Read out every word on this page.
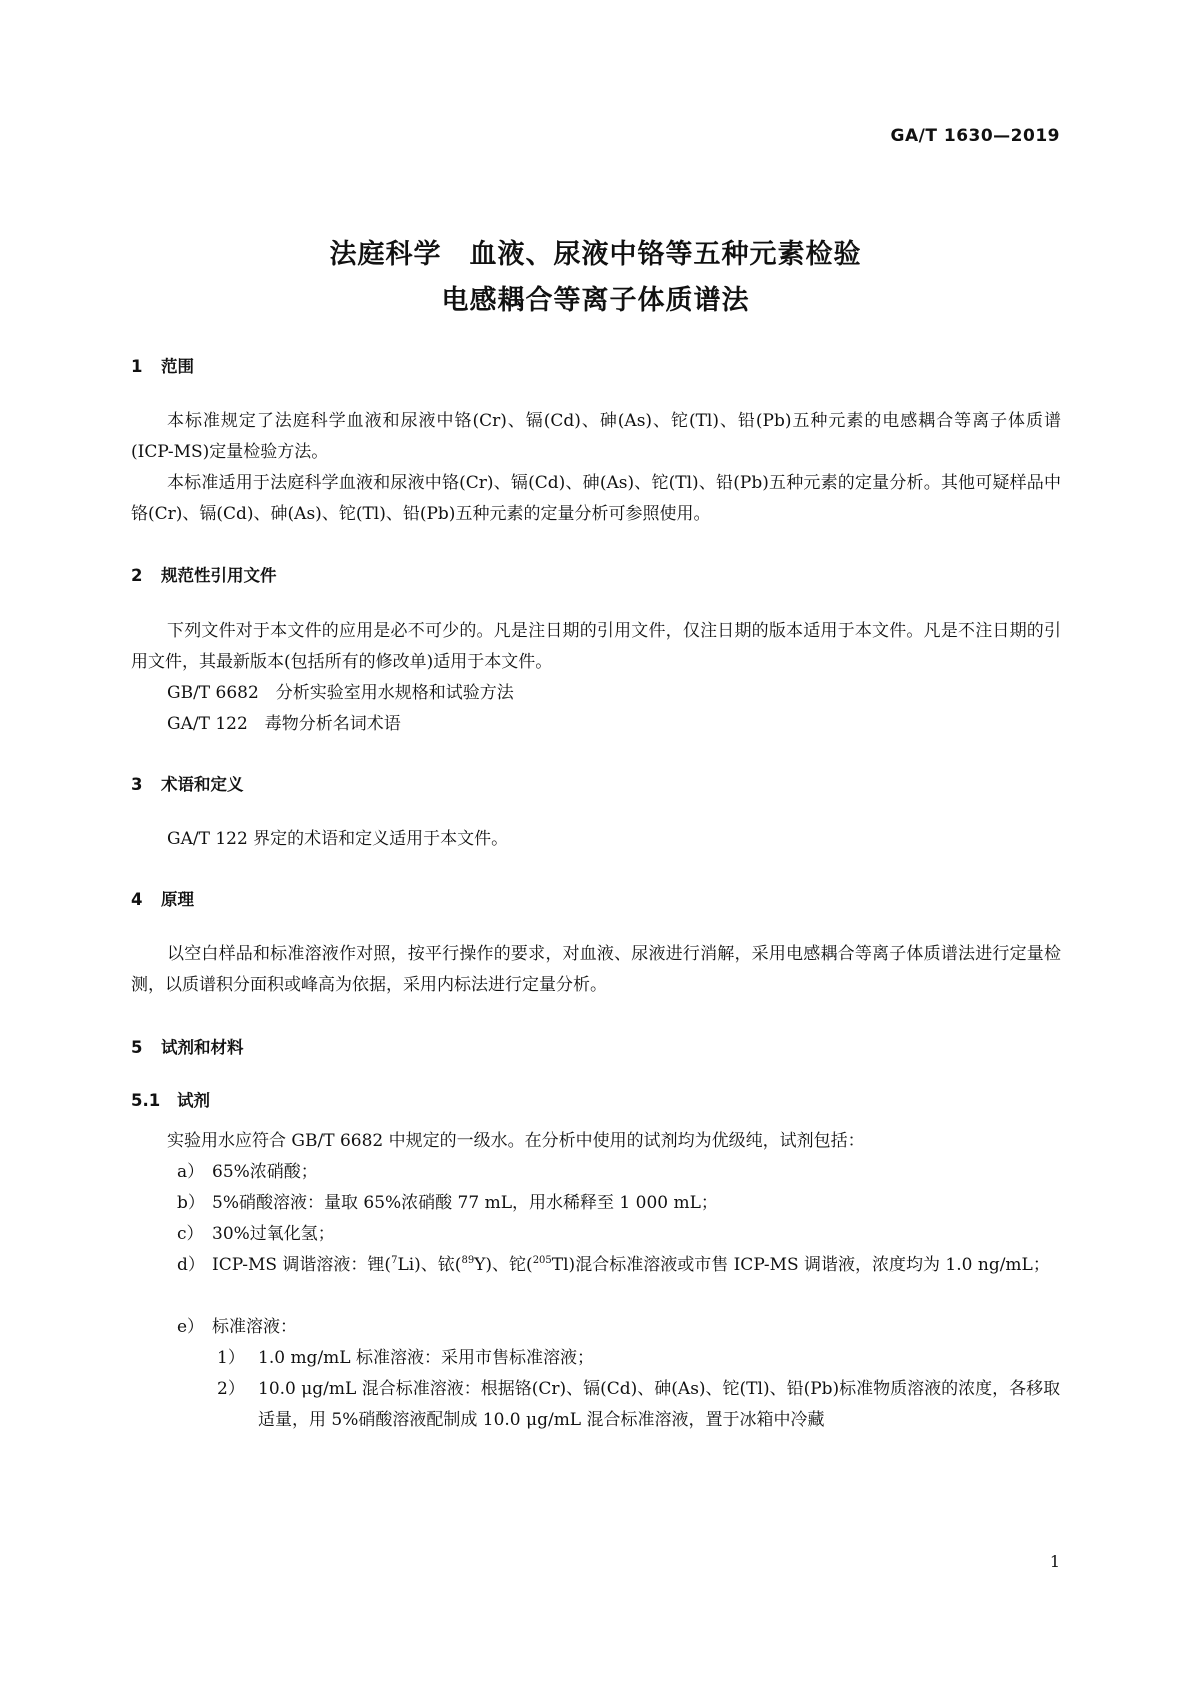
GA/T 1630—2019
法庭科学　血液、尿液中铬等五种元素检验
电感耦合等离子体质谱法
1 范围

本标准规定了法庭科学血液和尿液中铬(Cr)、镉(Cd)、砷(As)、铊(Tl)、铅(Pb)五种元素的电感耦合等离子体质谱(ICP-MS)定量检验方法。

本标准适用于法庭科学血液和尿液中铬(Cr)、镉(Cd)、砷(As)、铊(Tl)、铅(Pb)五种元素的定量分析。其他可疑样品中铬(Cr)、镉(Cd)、砷(As)、铊(Tl)、铅(Pb)五种元素的定量分析可参照使用。

2 规范性引用文件

下列文件对于本文件的应用是必不可少的。凡是注日期的引用文件，仅注日期的版本适用于本文件。凡是不注日期的引用文件，其最新版本(包括所有的修改单)适用于本文件。

GB/T 6682　分析实验室用水规格和试验方法
GA/T 122　毒物分析名词术语
3 术语和定义
GA/T 122 界定的术语和定义适用于本文件。
4 原理

以空白样品和标准溶液作对照，按平行操作的要求，对血液、尿液进行消解，采用电感耦合等离子体质谱法进行定量检测，以质谱积分面积或峰高为依据，采用内标法进行定量分析。

5 试剂和材料
5.1 试剂
实验用水应符合 GB/T 6682 中规定的一级水。在分析中使用的试剂均为优级纯，试剂包括：
a） 65%浓硝酸；
b） 5%硝酸溶液：量取 65%浓硝酸 77 mL，用水稀释至 1 000 mL；
c） 30%过氧化氢；
d） ICP-MS 调谐溶液：锂($^7$Li)、铱($^{89}$Y)、铊($^{205}$Tl)混合标准溶液或市售 ICP-MS 调谐液，浓度均为 1.0 ng/mL；
e） 标准溶液：
1） 1.0 mg/mL 标准溶液：采用市售标准溶液；
2） 10.0 μg/mL 混合标准溶液：根据铬(Cr)、镉(Cd)、砷(As)、铊(Tl)、铅(Pb)标准物质溶液的浓度，各移取适量，用 5%硝酸溶液配制成 10.0 μg/mL 混合标准溶液，置于冰箱中冷藏
1
